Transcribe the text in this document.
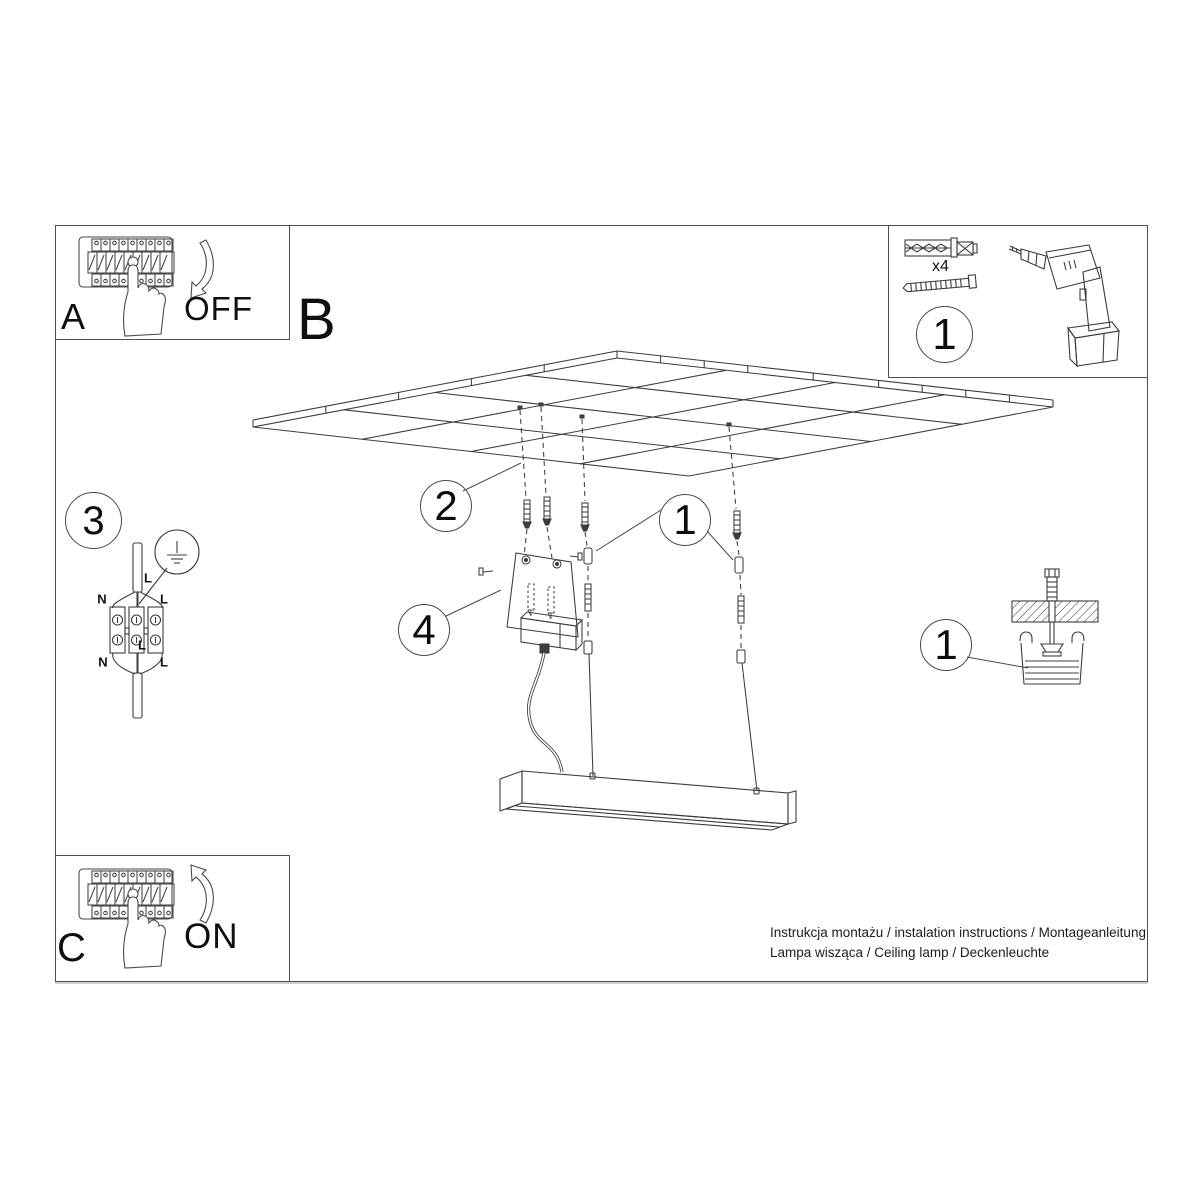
3	2	1
4	1
1
A	B
C
OFF
ON
x4
L
N	L
L
N	L
Instrukcja montażu / instalation instructions / Montageanleitung
Lampa wisząca / Ceiling lamp / Deckenleuchte
